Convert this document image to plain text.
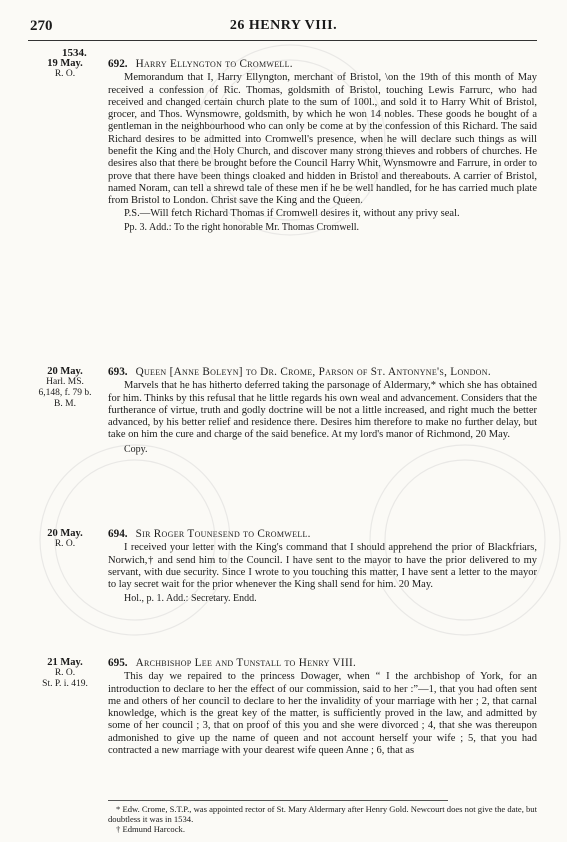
270	26 HENRY VIII.
1534.
19 May.
R. O.
692. Harry Ellyngton to Cromwell.

Memorandum that I, Harry Ellyngton, merchant of Bristol, \on the 19th of this month of May received a confession of Ric. Thomas, goldsmith of Bristol, touching Lewis Farrurc, who had received and changed certain church plate to the sum of 100l., and sold it to Harry Whit of Bristol, grocer, and Thos. Wynsmowre, goldsmith, by which he won 14 nobles. These goods he bought of a gentleman in the neighbourhood who can only be come at by the confession of this Richard. The said Richard desires to be admitted into Cromwell's presence, when he will declare such things as will benefit the King and the Holy Church, and discover many strong thieves and robbers of churches. He desires also that there be brought before the Council Harry Whit, Wynsmowre and Farrure, in order to prove that there have been things cloaked and hidden in Bristol and thereabouts. A carrier of Bristol, named Noram, can tell a shrewd tale of these men if he be well handled, for he has carried much plate from Bristol to London. Christ save the King and the Queen.

P.S.—Will fetch Richard Thomas if Cromwell desires it, without any privy seal.

Pp. 3. Add.: To the right honorable Mr. Thomas Cromwell.
20 May.
Harl. MS.
6,148, f. 79 b.
B. M.
693. Queen [Anne Boleyn] to Dr. Crome, Parson of St. Antonyne's, London.

Marvels that he has hitherto deferred taking the parsonage of Aldermary,* which she has obtained for him. Thinks by this refusal that he little regards his own weal and advancement. Considers that the furtherance of virtue, truth and godly doctrine will be not a little increased, and right much the better advanced, by his better relief and residence there. Desires him therefore to make no further delay, but take on him the cure and charge of the said benefice. At my lord's manor of Richmond, 20 May.

Copy.
20 May.
R. O.
694. Sir Roger Tounesend to Cromwell.

I received your letter with the King's command that I should apprehend the prior of Blackfriars, Norwich,† and send him to the Council. I have sent to the mayor to have the prior delivered to my servant, with due security. Since I wrote to you touching this matter, I have sent a letter to the mayor to lay secret wait for the prior whenever the King shall send for him. 20 May.

Hol., p. 1. Add.: Secretary. Endd.
21 May.
R. O.
St. P. i. 419.
695. Archbishop Lee and Tunstall to Henry VIII.

This day we repaired to the princess Dowager, when “ I the archbishop of York, for an introduction to declare to her the effect of our commission, said to her :”—1, that you had often sent me and others of her council to declare to her the invalidity of your marriage with her ; 2, that carnal knowledge, which is the great key of the matter, is sufficiently proved in the law, and admitted by some of her council ; 3, that on proof of this you and she were divorced ; 4, that she was thereupon admonished to give up the name of queen and not account herself your wife ; 5, that you had contracted a new marriage with your dearest wife queen Anne ; 6, that as

* Edw. Crome, S.T.P., was appointed rector of St. Mary Aldermary after Henry Gold. Newcourt does not give the date, but doubtless it was in 1534.
† Edmund Harcock.
